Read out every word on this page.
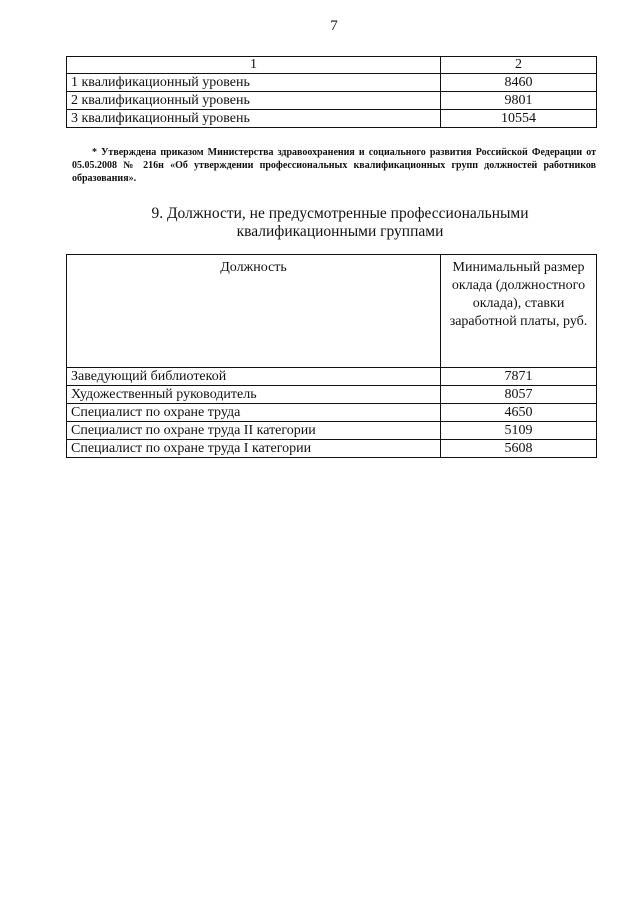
7
1	2
1 квалификационный уровень	8460
2 квалификационный уровень	9801
3 квалификационный уровень	10554
* Утверждена приказом Министерства здравоохранения и социального развития Российской Федерации от 05.05.2008 № 216н «Об утверждении профессиональных квалификационных групп должностей работников образования».
9. Должности, не предусмотренные профессиональными
квалификационными группами
Должность	Минимальный размер оклада (должностного оклада), ставки заработной платы, руб.
Заведующий библиотекой	7871
Художественный руководитель	8057
Специалист по охране труда	4650
Специалист по охране труда II категории	5109
Специалист по охране труда I категории	5608
